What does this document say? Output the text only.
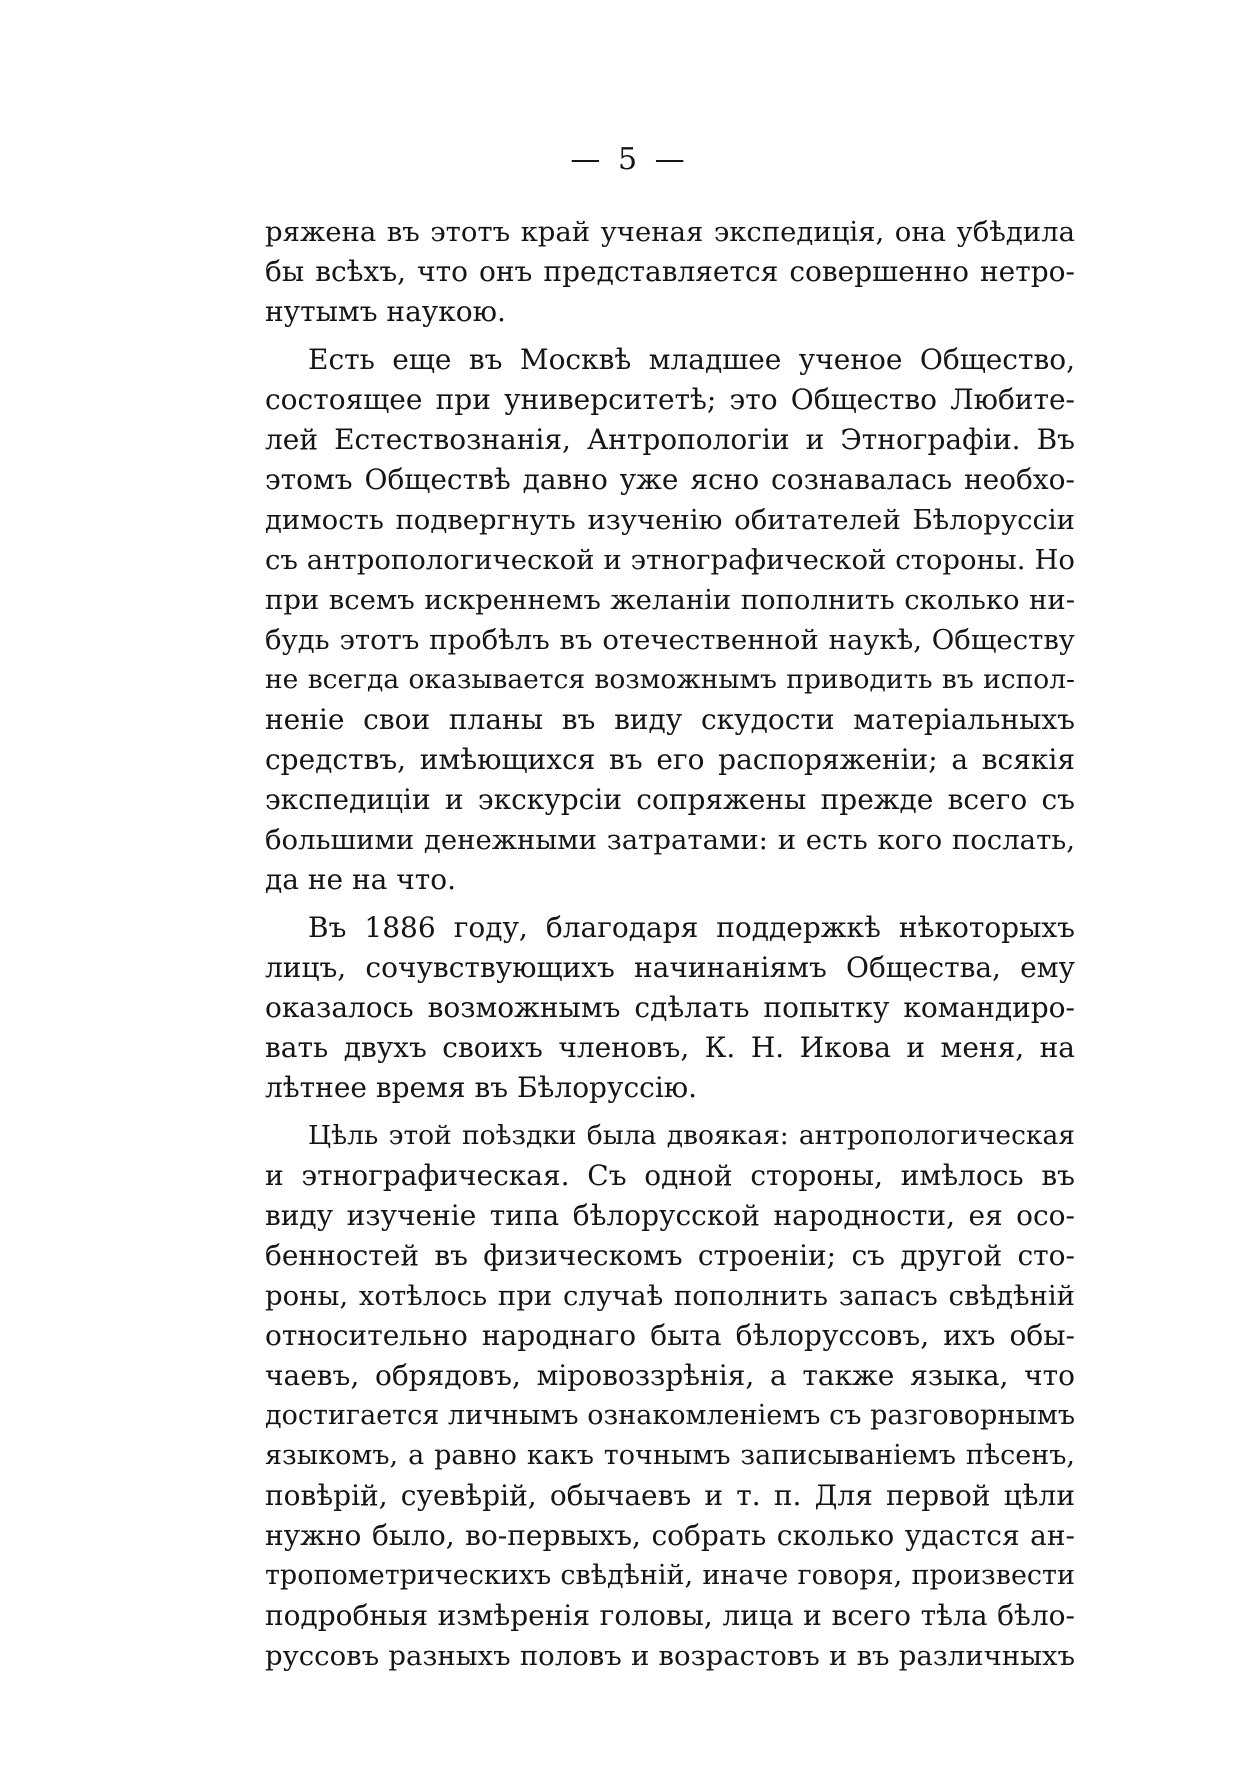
— 5 —
ряжена въ этотъ край ученая экспедиція, она убѣдила
бы всѣхъ, что онъ представляется совершенно нетро-
нутымъ наукою.
Есть еще въ Москвѣ младшее ученое Общество,
состоящее при университетѣ; это Общество Любите-
лей Естествознанія, Антропологіи и Этнографіи. Въ
этомъ Обществѣ давно уже ясно сознавалась необхо-
димость подвергнуть изученію обитателей Бѣлоруссіи
съ антропологической и этнографической стороны. Но
при всемъ искреннемъ желаніи пополнить сколько ни-
будь этотъ пробѣлъ въ отечественной наукѣ, Обществу
не всегда оказывается возможнымъ приводить въ испол-
неніе свои планы въ виду скудости матеріальныхъ
средствъ, имѣющихся въ его распоряженіи; а всякія
экспедиціи и экскурсіи сопряжены прежде всего съ
большими денежными затратами: и есть кого послать,
да не на что.
Въ 1886 году, благодаря поддержкѣ нѣкоторыхъ
лицъ, сочувствующихъ начинаніямъ Общества, ему
оказалось возможнымъ сдѣлать попытку командиро-
вать двухъ своихъ членовъ, К. Н. Икова и меня, на
лѣтнее время въ Бѣлоруссію.
Цѣль этой поѣздки была двоякая: антропологическая
и этнографическая. Съ одной стороны, имѣлось въ
виду изученіе типа бѣлорусской народности, ея осо-
бенностей въ физическомъ строеніи; съ другой сто-
роны, хотѣлось при случаѣ пополнить запасъ свѣдѣній
относительно народнаго быта бѣлоруссовъ, ихъ обы-
чаевъ, обрядовъ, міровоззрѣнія, а также языка, что
достигается личнымъ ознакомленіемъ съ разговорнымъ
языкомъ, а равно какъ точнымъ записываніемъ пѣсенъ,
повѣрій, суевѣрій, обычаевъ и т. п. Для первой цѣли
нужно было, во-первыхъ, собрать сколько удастся ан-
тропометрическихъ свѣдѣній, иначе говоря, произвести
подробныя измѣренія головы, лица и всего тѣла бѣло-
руссовъ разныхъ половъ и возрастовъ и въ различныхъ
